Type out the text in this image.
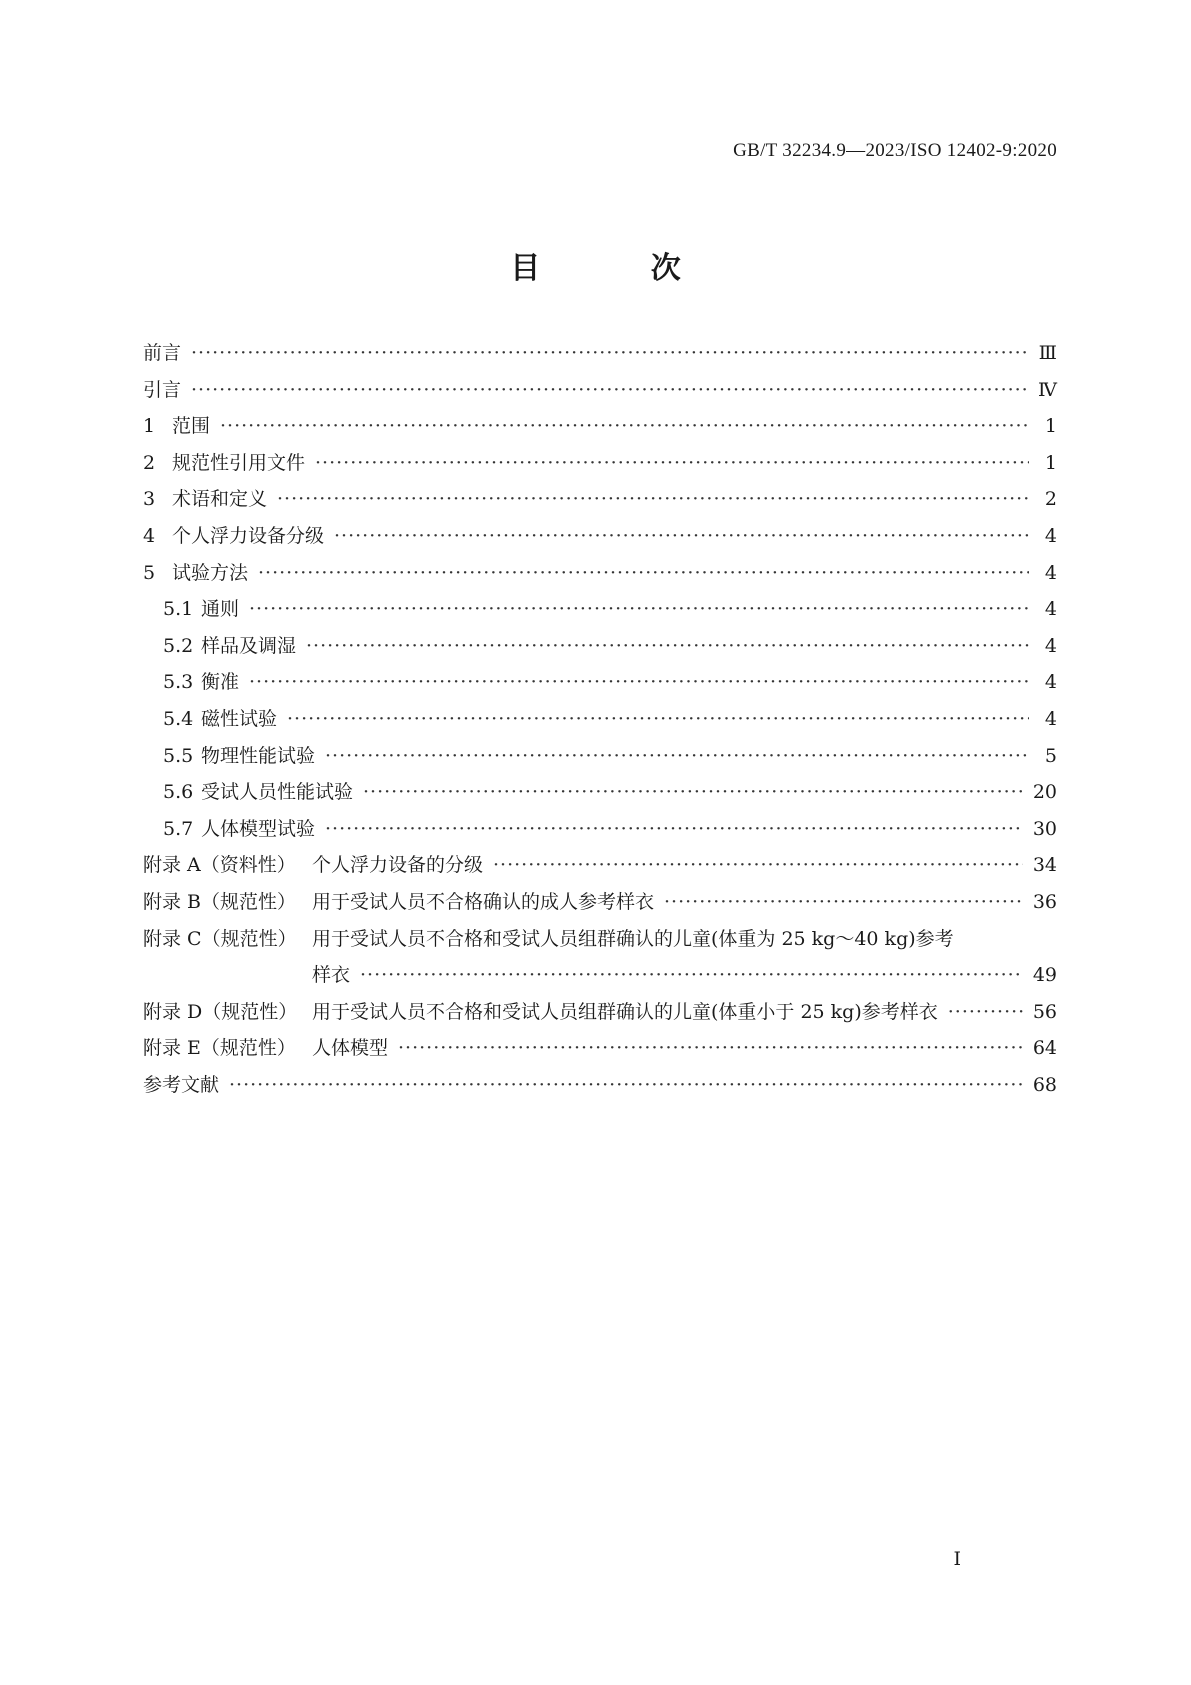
GB/T 32234.9—2023/ISO 12402-9:2020
目 次
前言 ·····	Ⅲ
引言 ·····	Ⅳ
1 范围 ·····	1
2 规范性引用文件 ·····	1
3 术语和定义 ·····	2
4 个人浮力设备分级 ·····	4
5 试验方法 ·····	4
5.1 通则 ·····	4
5.2 样品及调湿 ·····	4
5.3 衡准 ·····	4
5.4 磁性试验 ·····	4
5.5 物理性能试验 ·····	5
5.6 受试人员性能试验 ·····	20
5.7 人体模型试验 ·····	30
附录 A（资料性） 个人浮力设备的分级 ·····	34
附录 B（规范性） 用于受试人员不合格确认的成人参考样衣 ·····	36
附录 C（规范性） 用于受试人员不合格和受试人员组群确认的儿童(体重为 25 kg～40 kg)参考
样衣 ·····	49
附录 D（规范性） 用于受试人员不合格和受试人员组群确认的儿童(体重小于 25 kg)参考样衣 ·····	56
附录 E（规范性） 人体模型 ·····	64
参考文献 ·····	68
I
